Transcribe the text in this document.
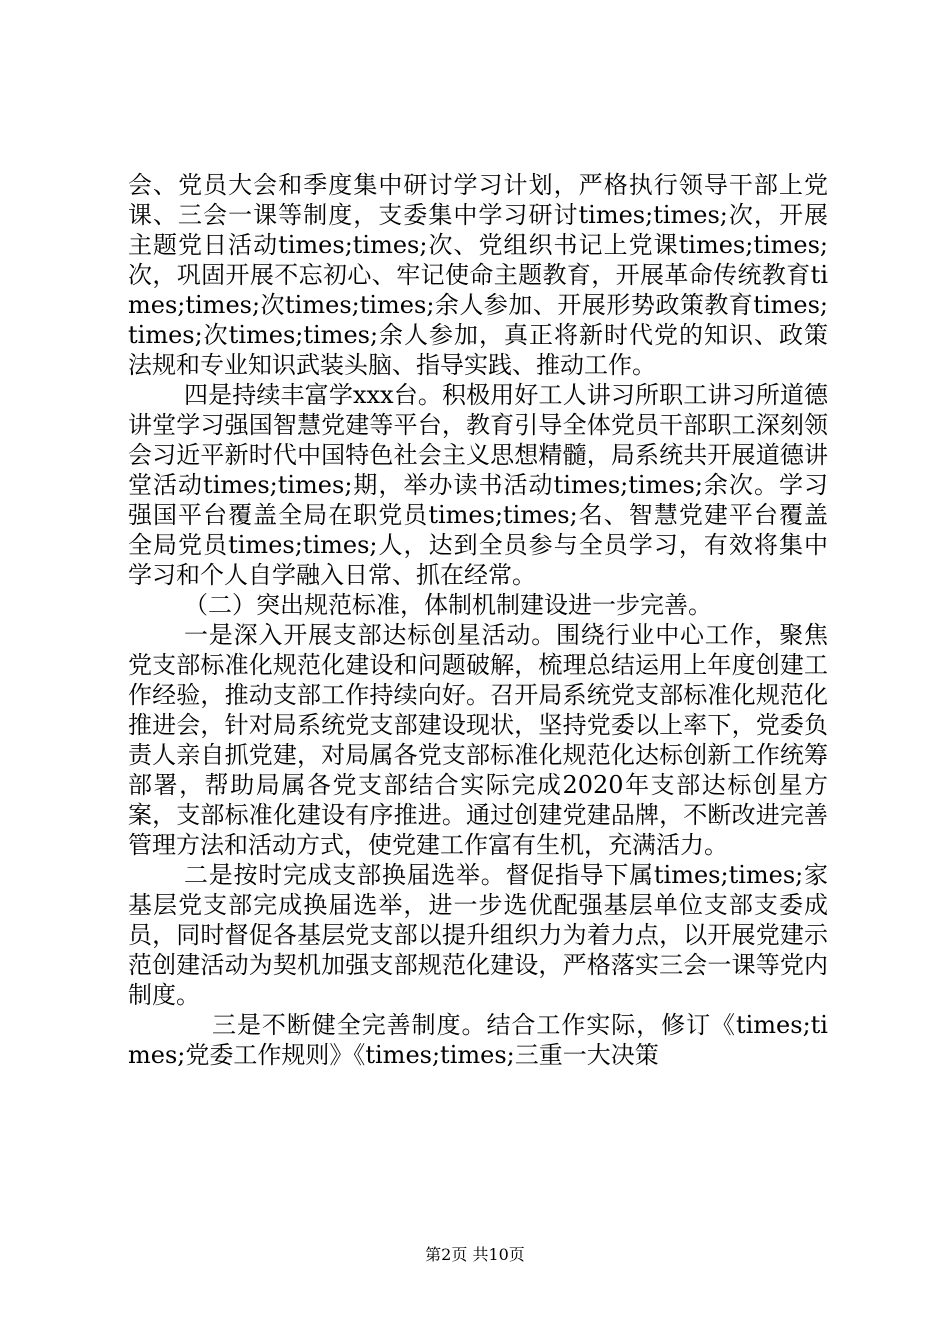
会、党员大会和季度集中研讨学习计划，严格执行领导干部上党课、三会一课等制度，支委集中学习研讨times;times;次，开展主题党日活动times;times;次、党组织书记上党课times;times;次，巩固开展不忘初心、牢记使命主题教育，开展革命传统教育times;times;次times;times;余人参加、开展形势政策教育times;times;次times;times;余人参加，真正将新时代党的知识、政策法规和专业知识武装头脑、指导实践、推动工作。

四是持续丰富学xxx台。积极用好工人讲习所职工讲习所道德讲堂学习强国智慧党建等平台，教育引导全体党员干部职工深刻领会习近平新时代中国特色社会主义思想精髓，局系统共开展道德讲堂活动times;times;期，举办读书活动times;times;余次。学习强国平台覆盖全局在职党员times;times;名、智慧党建平台覆盖全局党员times;times;人，达到全员参与全员学习，有效将集中学习和个人自学融入日常、抓在经常。

（二）突出规范标准，体制机制建设进一步完善。

一是深入开展支部达标创星活动。围绕行业中心工作，聚焦党支部标准化规范化建设和问题破解，梳理总结运用上年度创建工作经验，推动支部工作持续向好。召开局系统党支部标准化规范化推进会，针对局系统党支部建设现状，坚持党委以上率下，党委负责人亲自抓党建，对局属各党支部标准化规范化达标创新工作统筹部署，帮助局属各党支部结合实际完成2020年支部达标创星方案，支部标准化建设有序推进。通过创建党建品牌，不断改进完善管理方法和活动方式，使党建工作富有生机，充满活力。

二是按时完成支部换届选举。督促指导下属times;times;家基层党支部完成换届选举，进一步选优配强基层单位支部支委成员，同时督促各基层党支部以提升组织力为着力点，以开展党建示范创建活动为契机加强支部规范化建设，严格落实三会一课等党内制度。

三是不断健全完善制度。结合工作实际，修订《times;times;党委工作规则》《times;times;三重一大决策

第2页 共10页
